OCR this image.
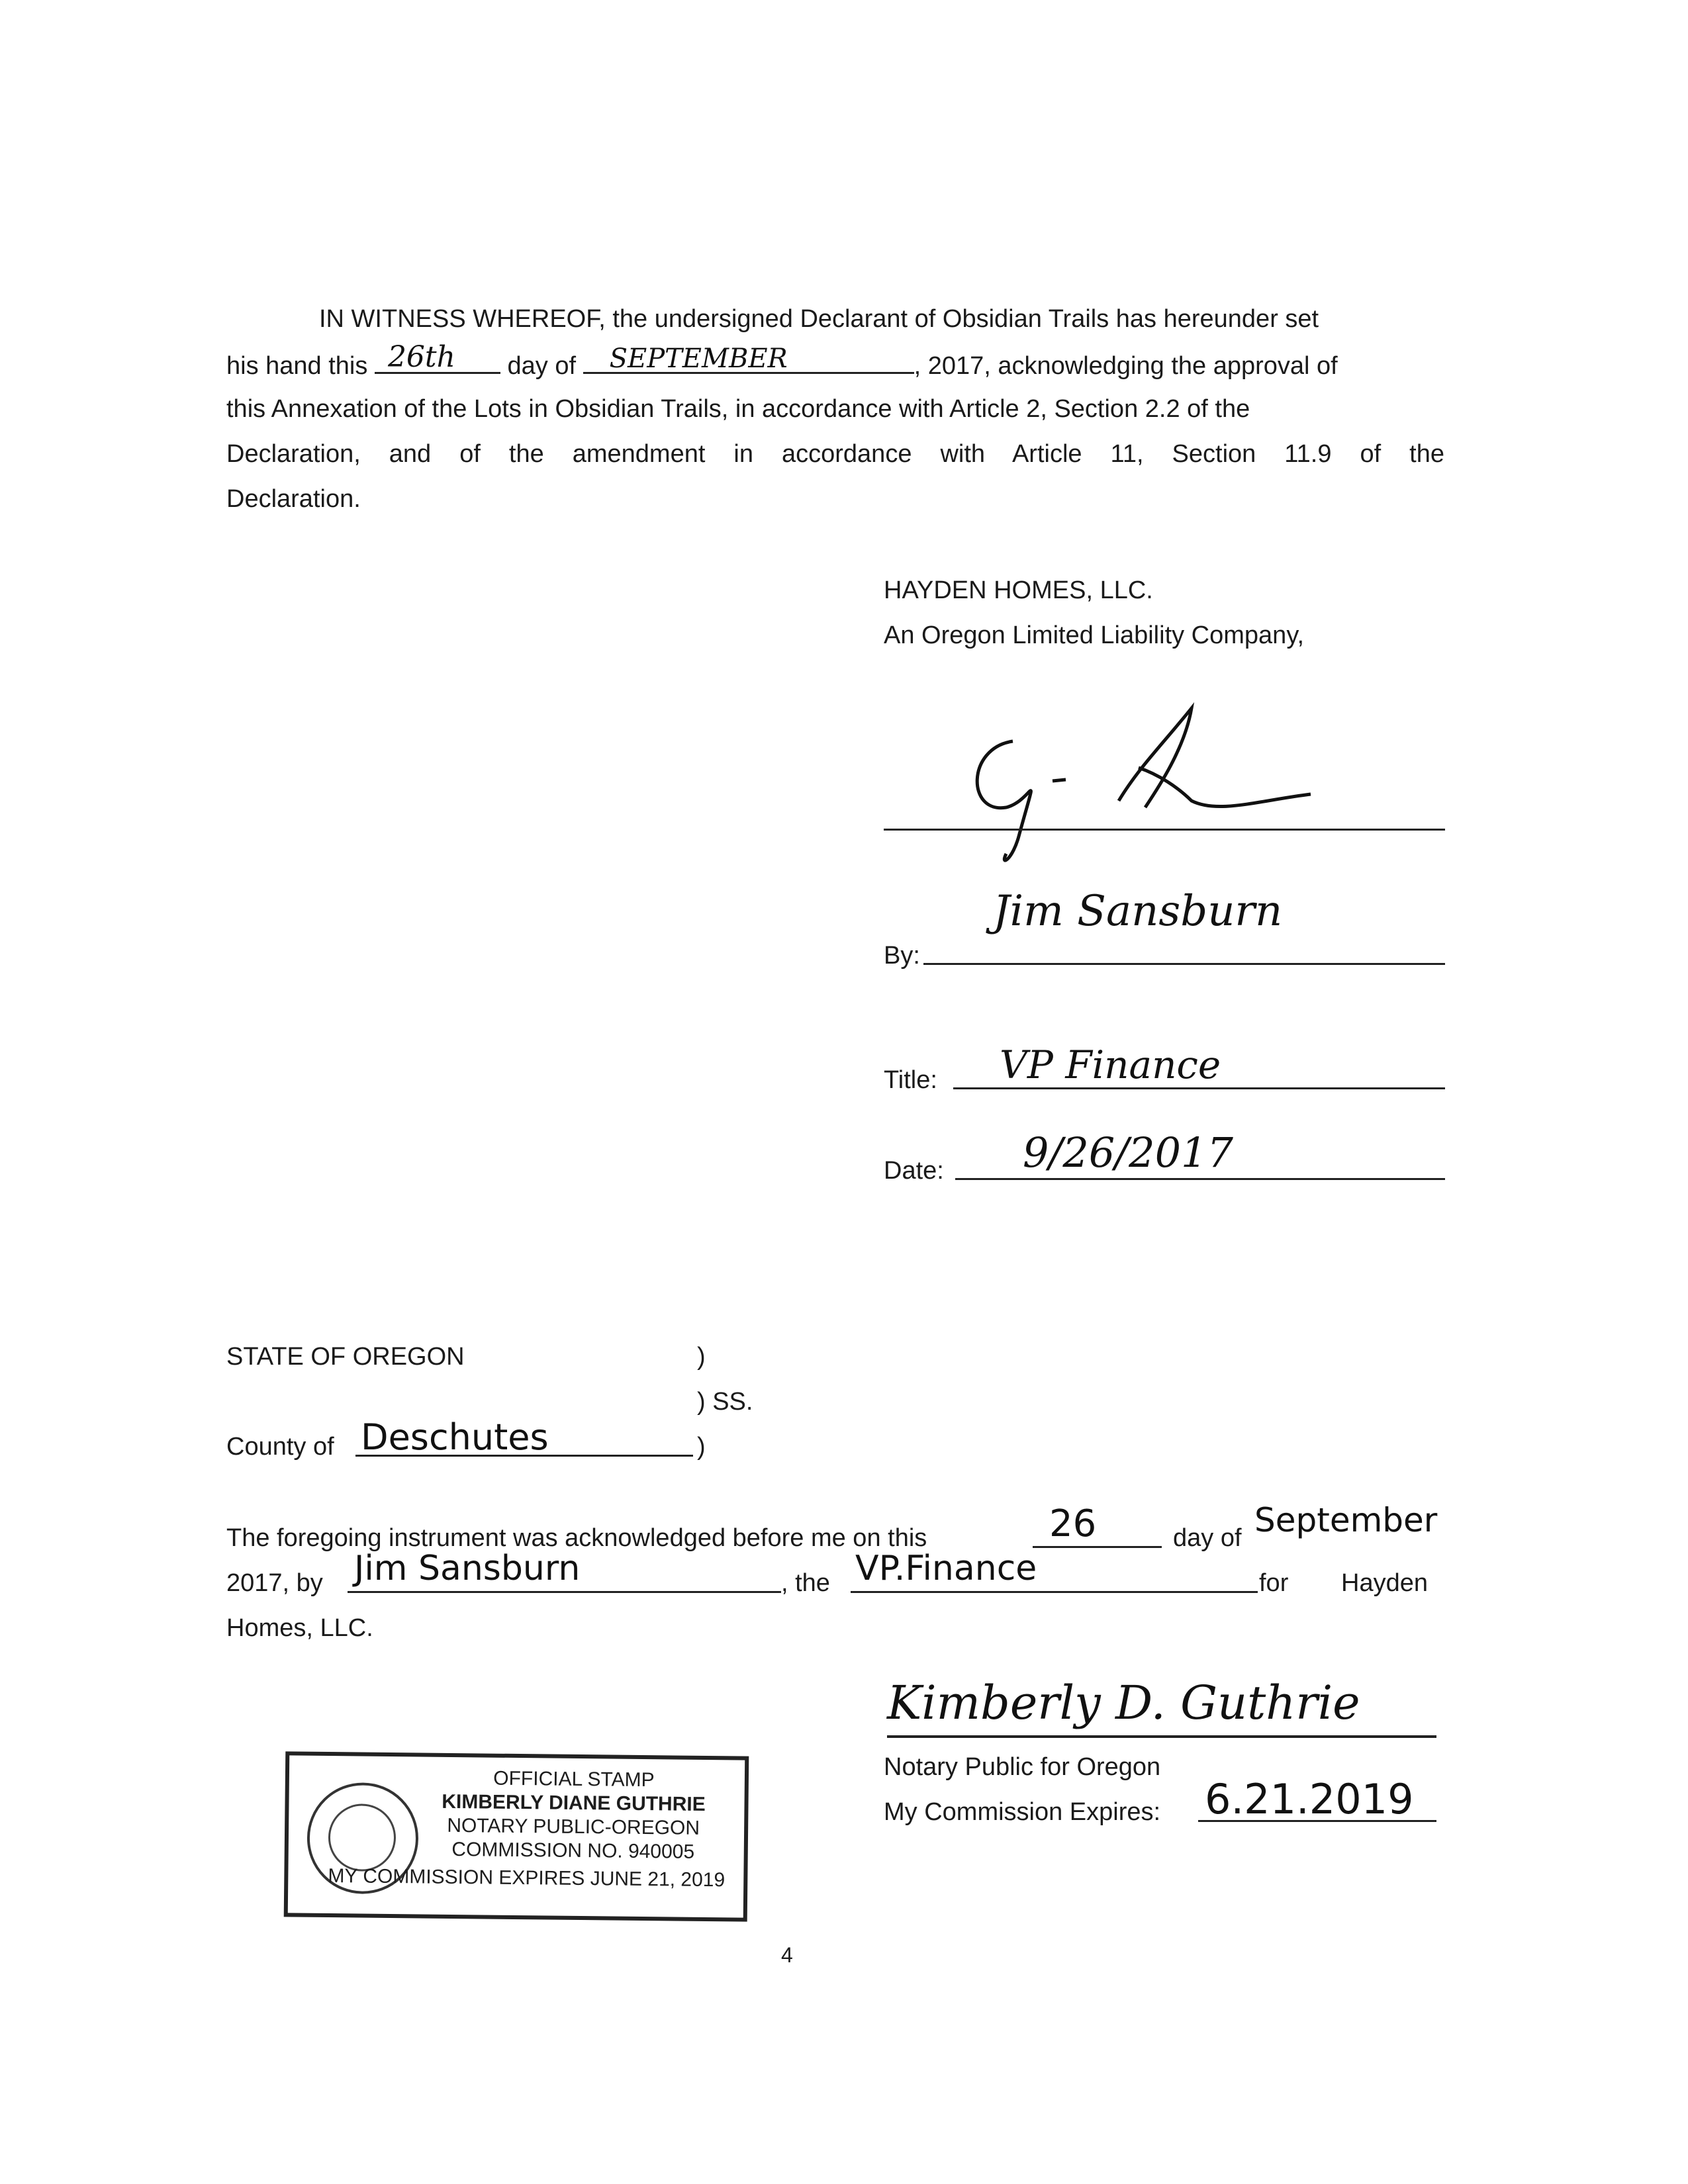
IN WITNESS WHEREOF, the undersigned Declarant of Obsidian Trails has hereunder set
his hand this 26th day of SEPTEMBER	, 2017, acknowledging the approval of
this Annexation of the Lots in Obsidian Trails, in accordance with Article 2, Section 2.2 of the
Declaration, and of the amendment in accordance with Article 11, Section 11.9 of the
Declaration.
HAYDEN HOMES, LLC.
An Oregon Limited Liability Company,
By:
Jim Sansburn
Title: VP Finance
Date: 9/26/2017
STATE OF OREGON	)
) SS.
County of Deschutes	)
The foregoing instrument was acknowledged before me on this	26	day of September
2017, by Jim Sansburn	, the VP.Finance	for Hayden
Homes, LLC.
Kimberly D. Guthrie
Notary Public for Oregon
My Commission Expires: 6.21.2019
OFFICIAL STAMP
KIMBERLY DIANE GUTHRIE
NOTARY PUBLIC-OREGON
COMMISSION NO. 940005
MY COMMISSION EXPIRES JUNE 21, 2019
4
